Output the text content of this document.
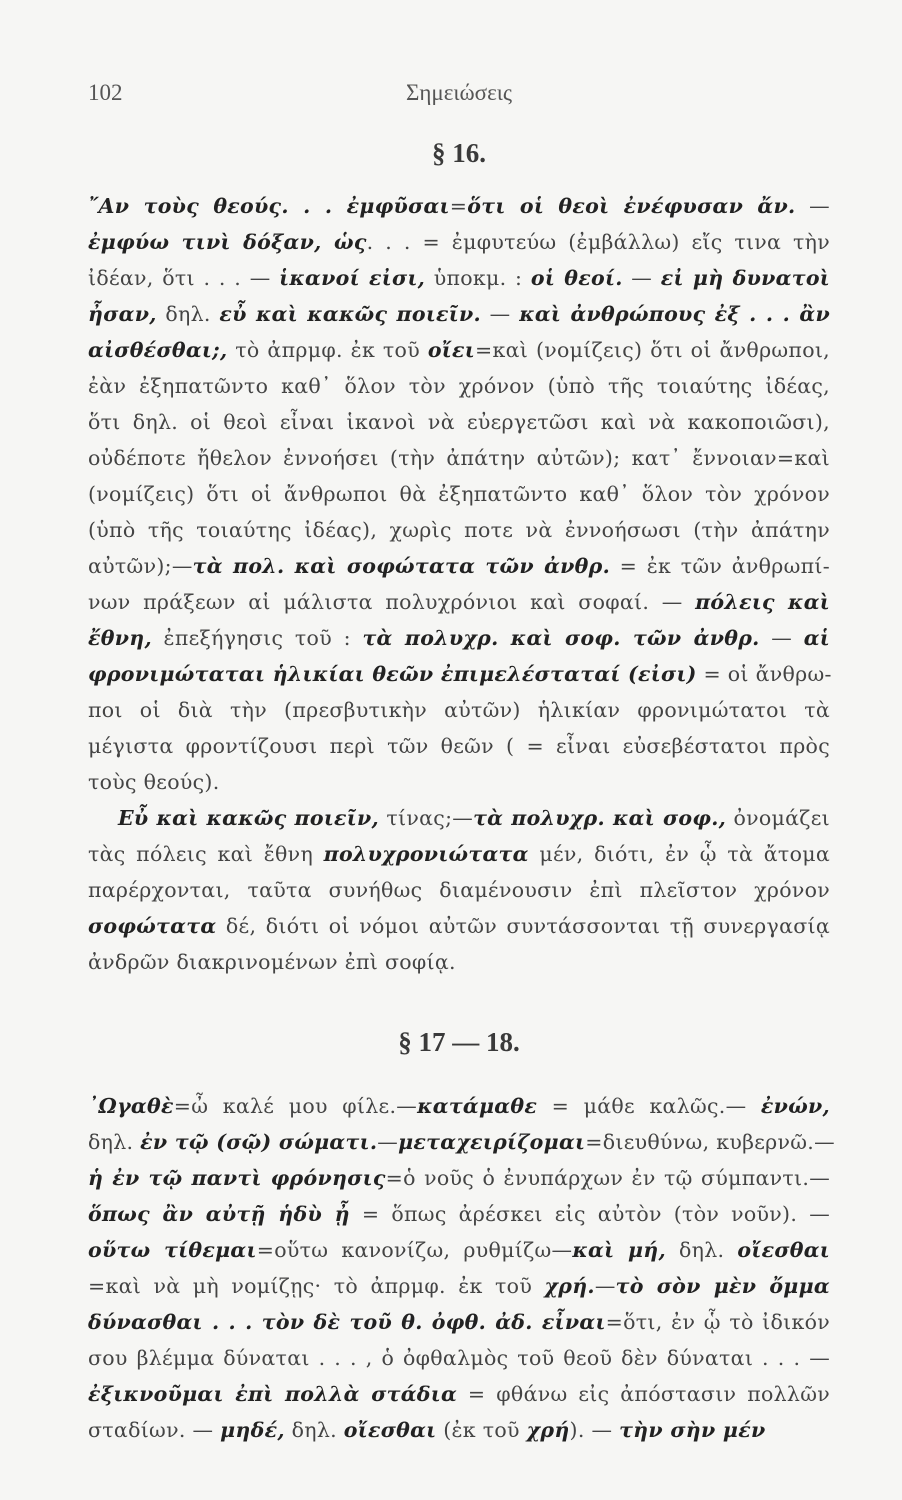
102	Σημειώσεις
§ 16.
῎Αν τοὺς θεούς. . . ἐμφῦσαι=ὅτι οἱ θεοὶ ἐνέφυσαν ἄν. —
ἐμφύω τινὶ δόξαν, ὡς. . . = ἐμφυτεύω (ἐμβάλλω) εἴς τινα τὴν
ἰδέαν, ὅτι . . . — ἱκανοί εἰσι, ὑποκμ. : οἱ θεοί. — εἰ μὴ δυνατοὶ
ἦσαν, δηλ. εὖ καὶ κακῶς ποιεῖν. — καὶ ἀνθρώπους ἐξ . . . ἂν
αἰσθέσθαι;, τὸ ἀπρμφ. ἐκ τοῦ οἴει=καὶ (νομίζεις) ὅτι οἱ ἄνθρωποι,
ἐὰν ἐξηπατῶντο καθ᾽ ὅλον τὸν χρόνον (ὑπὸ τῆς τοιαύτης ἰδέας,
ὅτι δηλ. οἱ θεοὶ εἶναι ἱκανοὶ νὰ εὐεργετῶσι καὶ νὰ κακοποιῶσι),
οὐδέποτε ἤθελον ἐννοήσει (τὴν ἀπάτην αὐτῶν); κατ᾽ ἔννοιαν=καὶ
(νομίζεις) ὅτι οἱ ἄνθρωποι θὰ ἐξηπατῶντο καθ᾽ ὅλον τὸν χρόνον
(ὑπὸ τῆς τοιαύτης ἰδέας), χωρὶς ποτε νὰ ἐννοήσωσι (τὴν ἀπάτην
αὐτῶν);—τὰ πολ. καὶ σοφώτατα τῶν ἀνθρ. = ἐκ τῶν ἀνθρωπί-
νων πράξεων αἱ μάλιστα πολυχρόνιοι καὶ σοφαί. — πόλεις καὶ
ἔθνη, ἐπεξήγησις τοῦ : τὰ πολυχρ. καὶ σοφ. τῶν ἀνθρ. — αἱ
φρονιμώταται ἡλικίαι θεῶν ἐπιμελέσταταί (εἰσι) = οἱ ἄνθρω-
ποι οἱ διὰ τὴν (πρεσβυτικὴν αὐτῶν) ἡλικίαν φρονιμώτατοι τὰ
μέγιστα φροντίζουσι περὶ τῶν θεῶν ( = εἶναι εὐσεβέστατοι πρὸς
τοὺς θεούς).
Εὖ καὶ κακῶς ποιεῖν, τίνας;—τὰ πολυχρ. καὶ σοφ., ὀνομάζει
τὰς πόλεις καὶ ἔθνη πολυχρονιώτατα μέν, διότι, ἐν ᾧ τὰ ἄτομα
παρέρχονται, ταῦτα συνήθως διαμένουσιν ἐπὶ πλεῖστον χρόνον
σοφώτατα δέ, διότι οἱ νόμοι αὐτῶν συντάσσονται τῇ συνεργασίᾳ
ἀνδρῶν διακρινομένων ἐπὶ σοφίᾳ.
§ 17 — 18.
᾽Ωγαθὲ=ὦ καλέ μου φίλε.—κατάμαθε = μάθε καλῶς.— ἐνών,
δηλ. ἐν τῷ (σῷ) σώματι.—μεταχειρίζομαι=διευθύνω, κυβερνῶ.—
ἡ ἐν τῷ παντὶ φρόνησις=ὁ νοῦς ὁ ἐνυπάρχων ἐν τῷ σύμπαντι.—
ὅπως ἂν αὐτῇ ἡδὺ ᾖ = ὅπως ἀρέσκει εἰς αὐτὸν (τὸν νοῦν). —
οὕτω τίθεμαι=οὕτω κανονίζω, ρυθμίζω—καὶ μή, δηλ. οἴεσθαι
=καὶ νὰ μὴ νομίζῃς· τὸ ἀπρμφ. ἐκ τοῦ χρή.—τὸ σὸν μὲν ὄμμα
δύνασθαι . . . τὸν δὲ τοῦ θ. ὀφθ. ἀδ. εἶναι=ὅτι, ἐν ᾧ τὸ ἰδικόν
σου βλέμμα δύναται . . . , ὁ ὀφθαλμὸς τοῦ θεοῦ δὲν δύναται . . . —
ἐξικνοῦμαι ἐπὶ πολλὰ στάδια = φθάνω εἰς ἀπόστασιν πολλῶν
σταδίων. — μηδέ, δηλ. οἴεσθαι (ἐκ τοῦ χρή). — τὴν σὴν μέν
